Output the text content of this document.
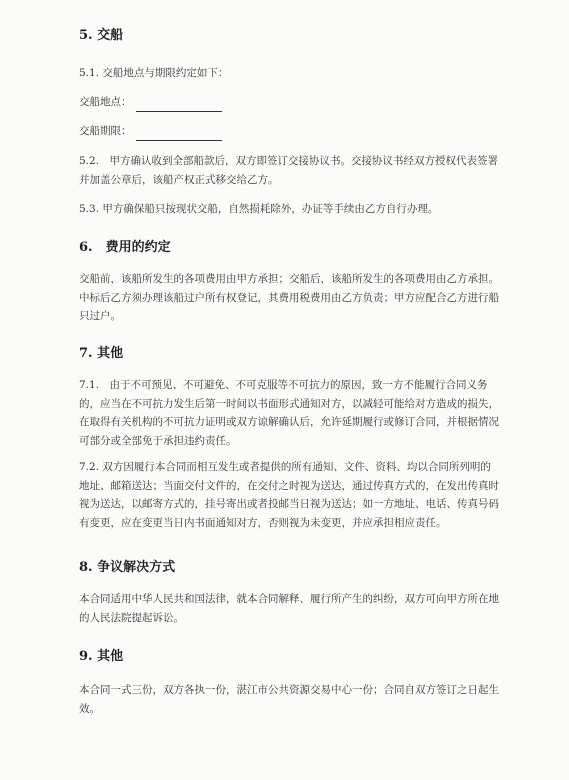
5. 交船

5.1. 交船地点与期限约定如下：

交船地点：

交船期限：

5.2.　甲方确认收到全部船款后，双方即签订交接协议书。交接协议书经双方授权代表签署并加盖公章后，该船产权正式移交给乙方。

5.3. 甲方确保船只按现状交船，自然损耗除外，办证等手续由乙方自行办理。

6.　费用的约定

交船前，该船所发生的各项费用由甲方承担；交船后，该船所发生的各项费用由乙方承担。中标后乙方须办理该船过户所有权登记，其费用税费用由乙方负责；甲方应配合乙方进行船只过户。

7. 其他

7.1.　由于不可预见、不可避免、不可克服等不可抗力的原因，致一方不能履行合同义务的，应当在不可抗力发生后第一时间以书面形式通知对方，以减轻可能给对方造成的损失，在取得有关机构的不可抗力证明或双方谅解确认后，允许延期履行或修订合同，并根据情况可部分或全部免于承担违约责任。

7.2. 双方因履行本合同而相互发生或者提供的所有通知、文件、资料、均以合同所列明的地址、邮箱送达；当面交付文件的，在交付之时视为送达，通过传真方式的，在发出传真时视为送达，以邮寄方式的，挂号寄出或者投邮当日视为送达；如一方地址、电话、传真号码有变更，应在变更当日内书面通知对方，否则视为未变更，并应承担相应责任。

8. 争议解决方式

本合同适用中华人民共和国法律，就本合同解释、履行所产生的纠纷，双方可向甲方所在地的人民法院提起诉讼。

9. 其他

本合同一式三份，双方各执一份，湛江市公共资源交易中心一份；合同自双方签订之日起生效。
